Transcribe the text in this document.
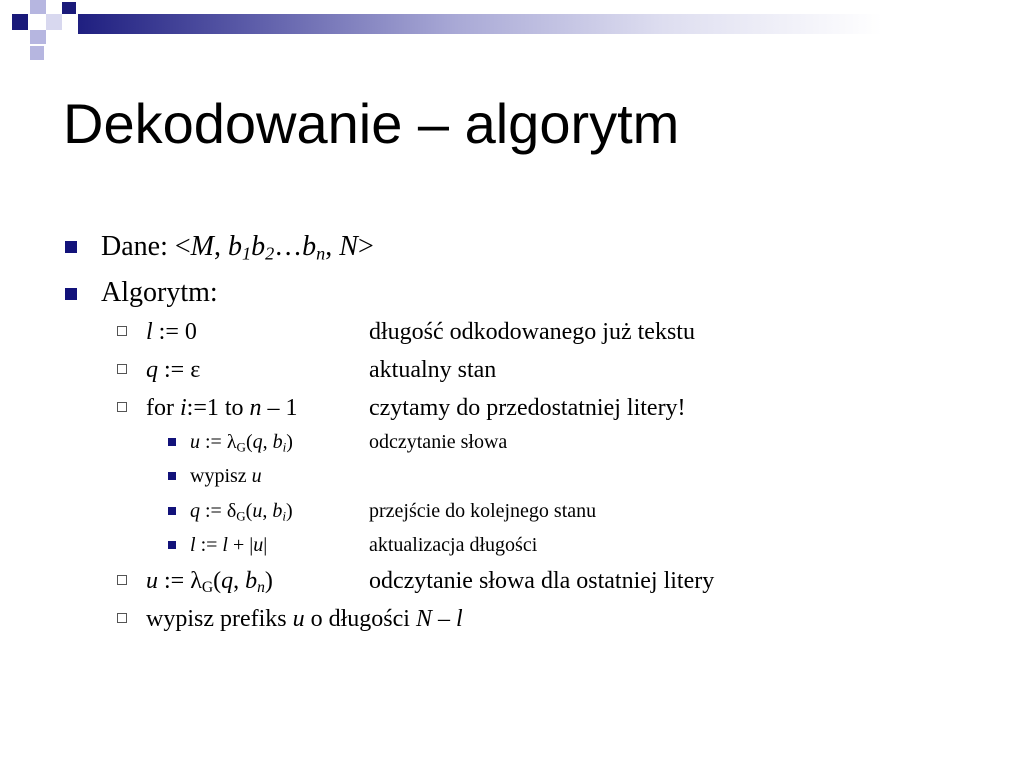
Dekodowanie – algorytm
Dane: <M, $b_1b_2\dots b_n$, N>
Algorytm:
l := 0	długość odkodowanego już tekstu
q := ε	aktualny stan
for i:=1 to n – 1	czytamy do przedostatniej litery!
u := $\lambda_G(q$, $b_i$)	odczytanie słowa
wypisz u
q := $\delta_G(u$, $b_i$)	przejście do kolejnego stanu
l := l + |u|	aktualizacja długości
u := $\lambda_G(q$, $b_n$)	odczytanie słowa dla ostatniej litery
wypisz prefiks u o długości N – l
